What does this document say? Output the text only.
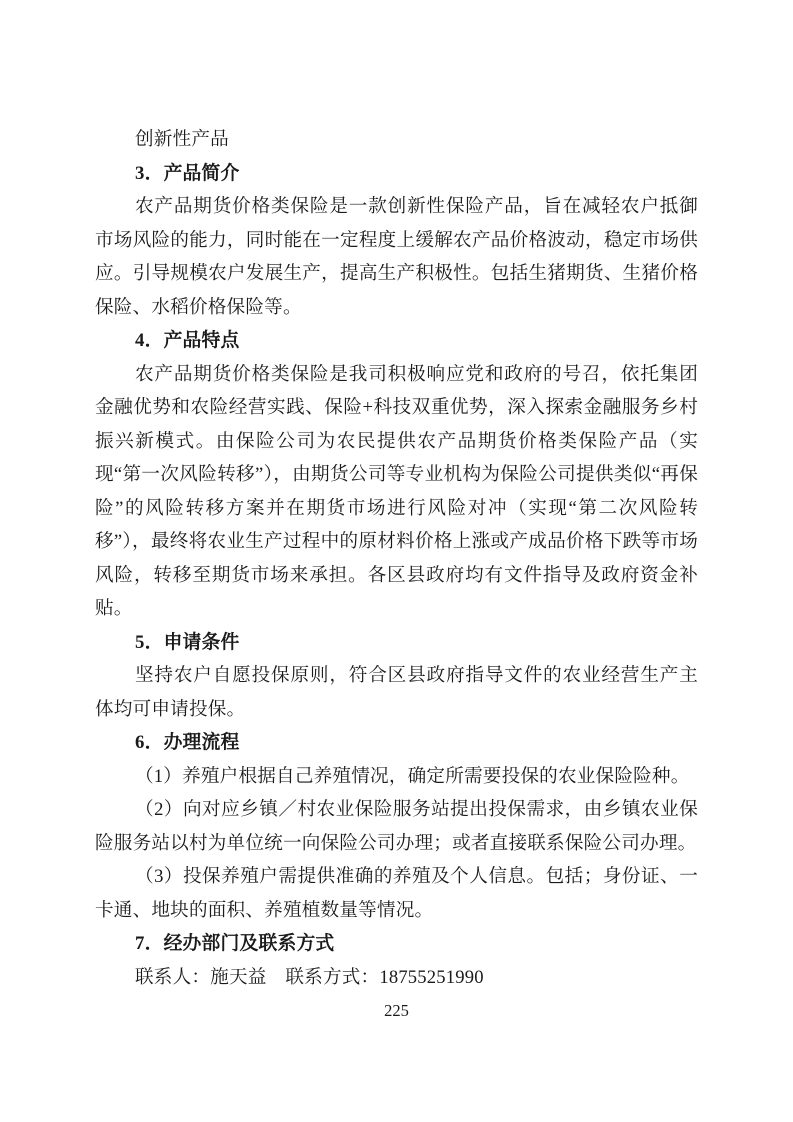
创新性产品

3．产品简介

农产品期货价格类保险是一款创新性保险产品，旨在减轻农户抵御市场风险的能力，同时能在一定程度上缓解农产品价格波动，稳定市场供应。引导规模农户发展生产，提高生产积极性。包括生猪期货、生猪价格保险、水稻价格保险等。

4．产品特点

农产品期货价格类保险是我司积极响应党和政府的号召，依托集团金融优势和农险经营实践、保险+科技双重优势，深入探索金融服务乡村振兴新模式。由保险公司为农民提供农产品期货价格类保险产品（实现“第一次风险转移”），由期货公司等专业机构为保险公司提供类似“再保险”的风险转移方案并在期货市场进行风险对冲（实现“第二次风险转移”），最终将农业生产过程中的原材料价格上涨或产成品价格下跌等市场风险，转移至期货市场来承担。各区县政府均有文件指导及政府资金补贴。

5．申请条件

坚持农户自愿投保原则，符合区县政府指导文件的农业经营生产主体均可申请投保。

6．办理流程

（1）养殖户根据自己养殖情况，确定所需要投保的农业保险险种。

（2）向对应乡镇／村农业保险服务站提出投保需求，由乡镇农业保险服务站以村为单位统一向保险公司办理；或者直接联系保险公司办理。

（3）投保养殖户需提供准确的养殖及个人信息。包括；身份证、一卡通、地块的面积、养殖植数量等情况。

7．经办部门及联系方式

联系人：施天益　联系方式：18755251990

225
